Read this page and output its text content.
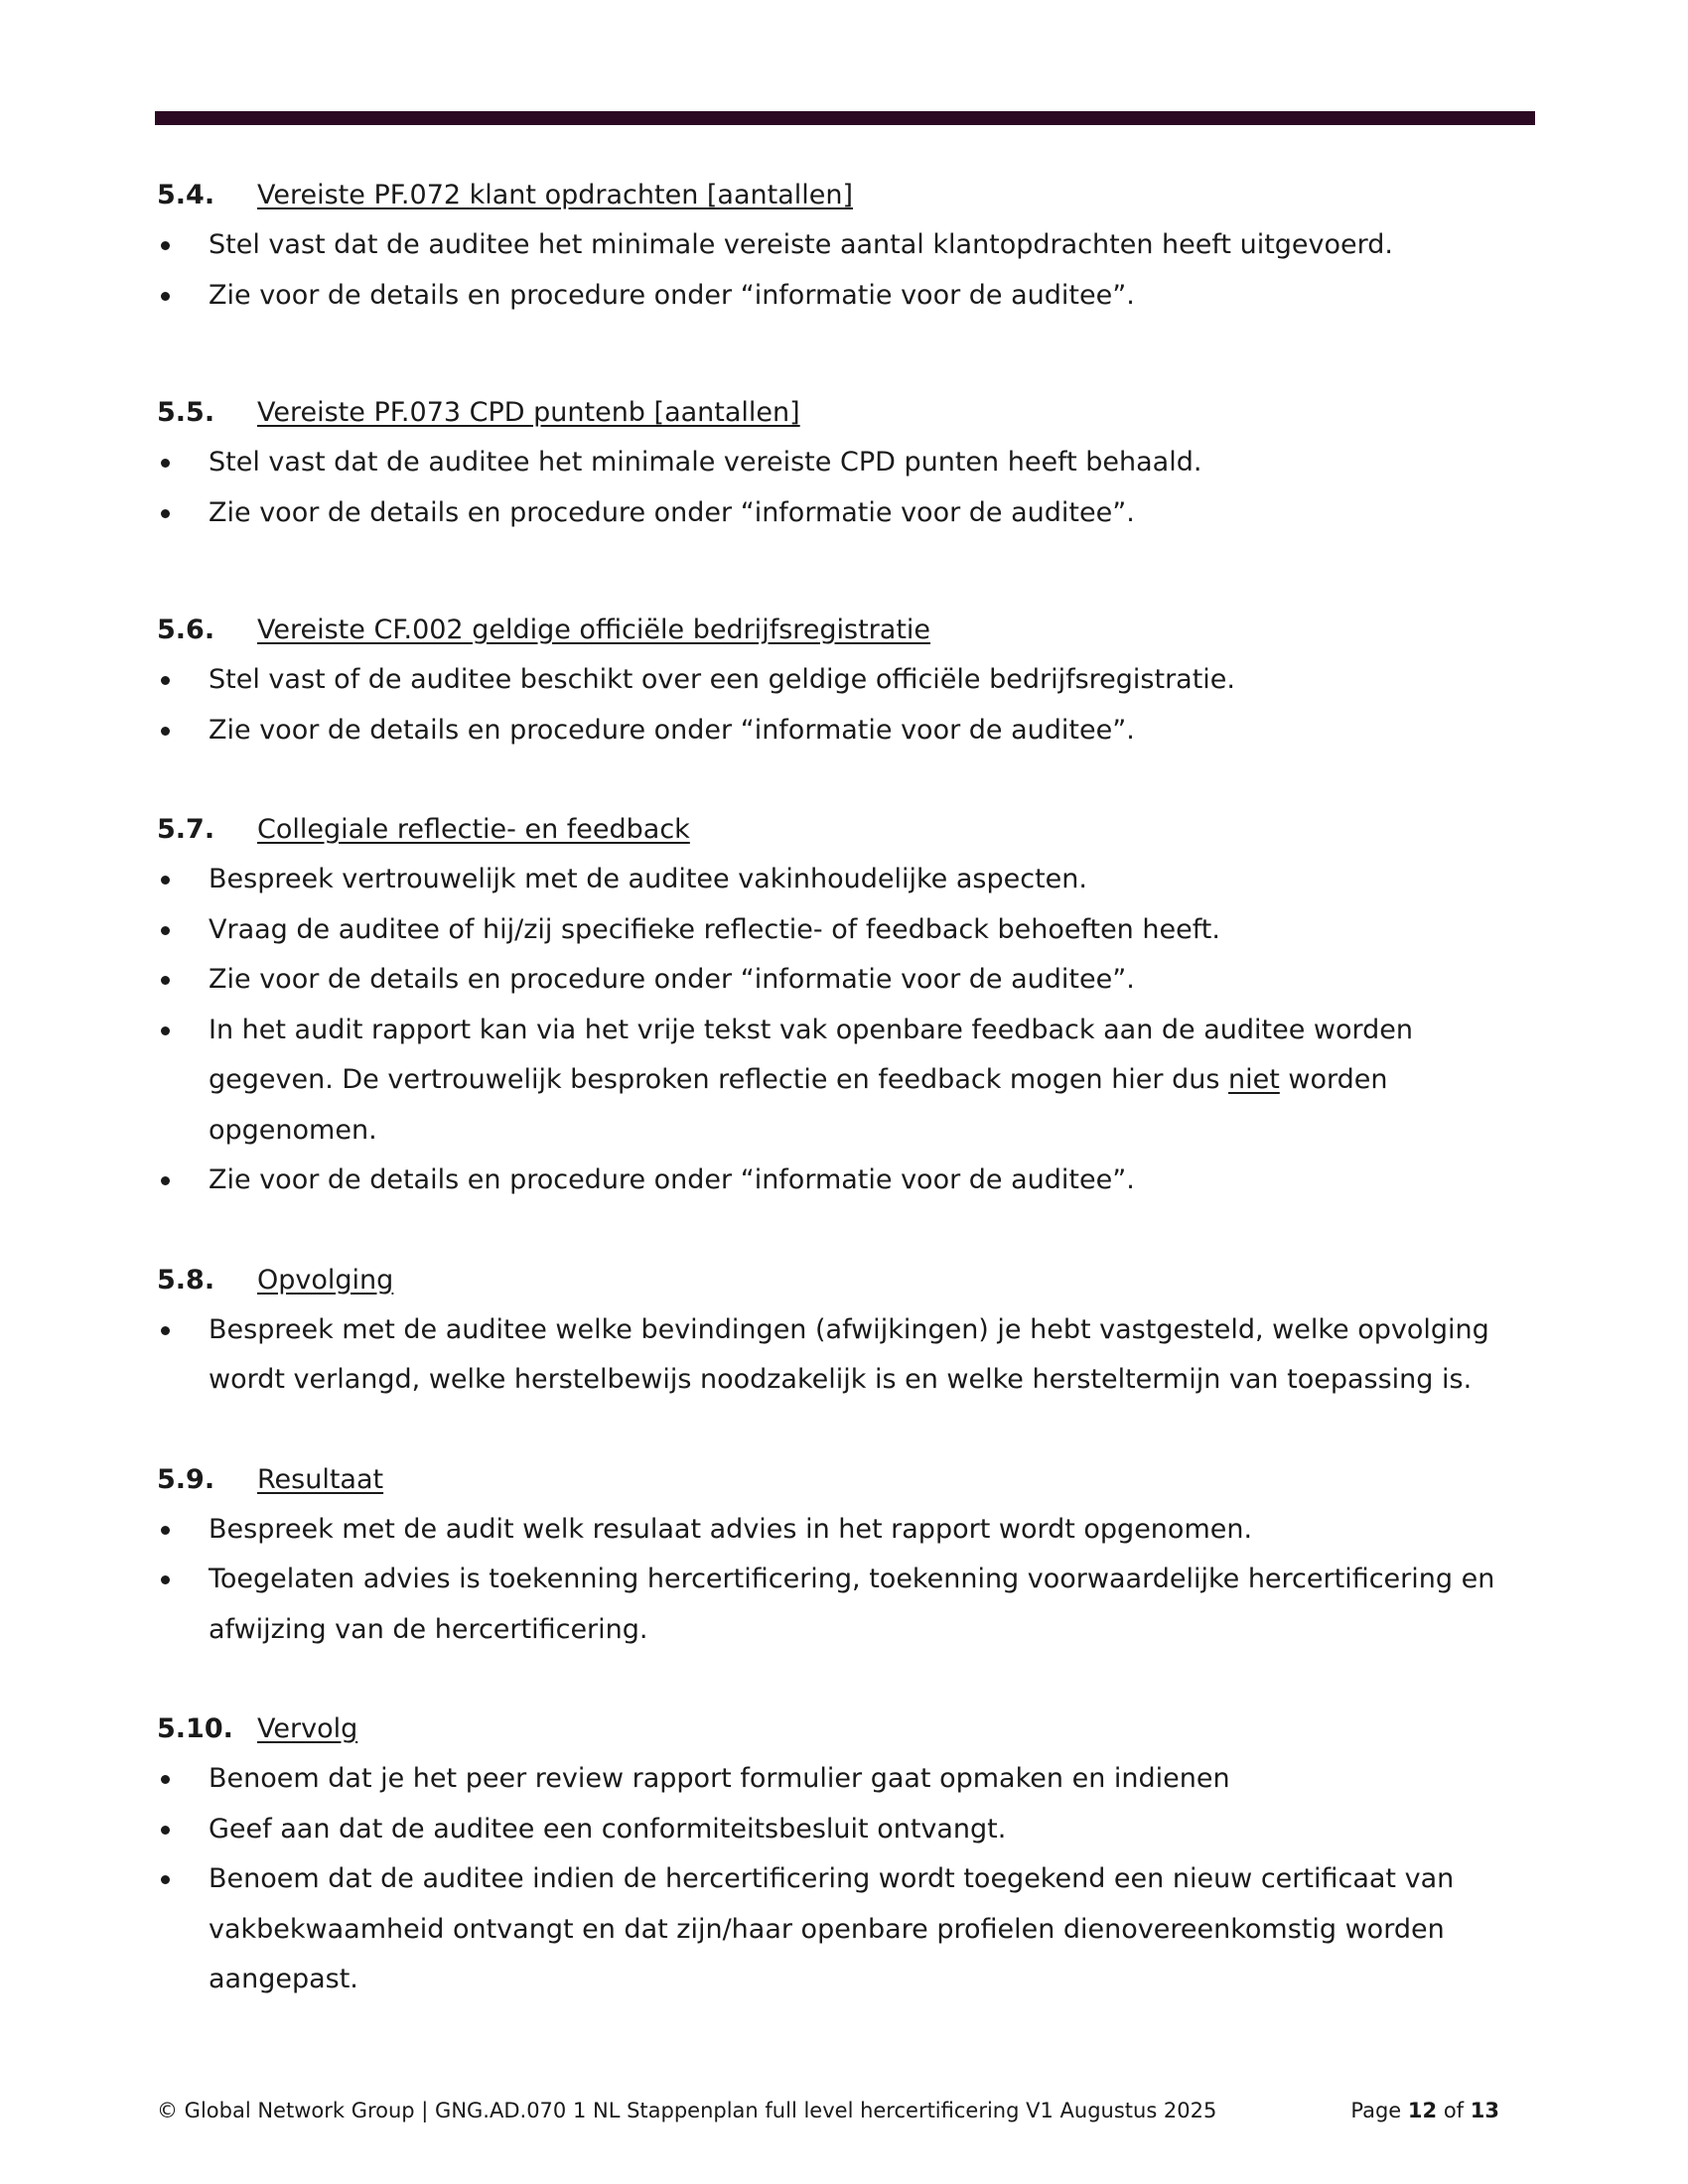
5.4. Vereiste PF.072 klant opdrachten [aantallen]
Stel vast dat de auditee het minimale vereiste aantal klantopdrachten heeft uitgevoerd.
Zie voor de details en procedure onder “informatie voor de auditee”.
5.5. Vereiste PF.073 CPD puntenb [aantallen]
Stel vast dat de auditee het minimale vereiste CPD punten heeft behaald.
Zie voor de details en procedure onder “informatie voor de auditee”.
5.6. Vereiste CF.002 geldige officiële bedrijfsregistratie
Stel vast of de auditee beschikt over een geldige officiële bedrijfsregistratie.
Zie voor de details en procedure onder “informatie voor de auditee”.
5.7. Collegiale reflectie- en feedback
Bespreek vertrouwelijk met de auditee vakinhoudelijke aspecten.
Vraag de auditee of hij/zij specifieke reflectie- of feedback behoeften heeft.
Zie voor de details en procedure onder “informatie voor de auditee”.
In het audit rapport kan via het vrije tekst vak openbare feedback aan de auditee worden gegeven. De vertrouwelijk besproken reflectie en feedback mogen hier dus niet worden opgenomen.
Zie voor de details en procedure onder “informatie voor de auditee”.
5.8. Opvolging
Bespreek met de auditee welke bevindingen (afwijkingen) je hebt vastgesteld, welke opvolging wordt verlangd, welke herstelbewijs noodzakelijk is en welke hersteltermijn van toepassing is.
5.9. Resultaat
Bespreek met de audit welk resulaat advies in het rapport wordt opgenomen.
Toegelaten advies is toekenning hercertificering, toekenning voorwaardelijke hercertificering en afwijzing van de hercertificering.
5.10. Vervolg
Benoem dat je het peer review rapport formulier gaat opmaken en indienen
Geef aan dat de auditee een conformiteitsbesluit ontvangt.
Benoem dat de auditee indien de hercertificering wordt toegekend een nieuw certificaat van vakbekwaamheid ontvangt en dat zijn/haar openbare profielen dienovereenkomstig worden aangepast.
© Global Network Group | GNG.AD.070 1 NL Stappenplan full level hercertificering V1 Augustus 2025	Page 12 of 13
